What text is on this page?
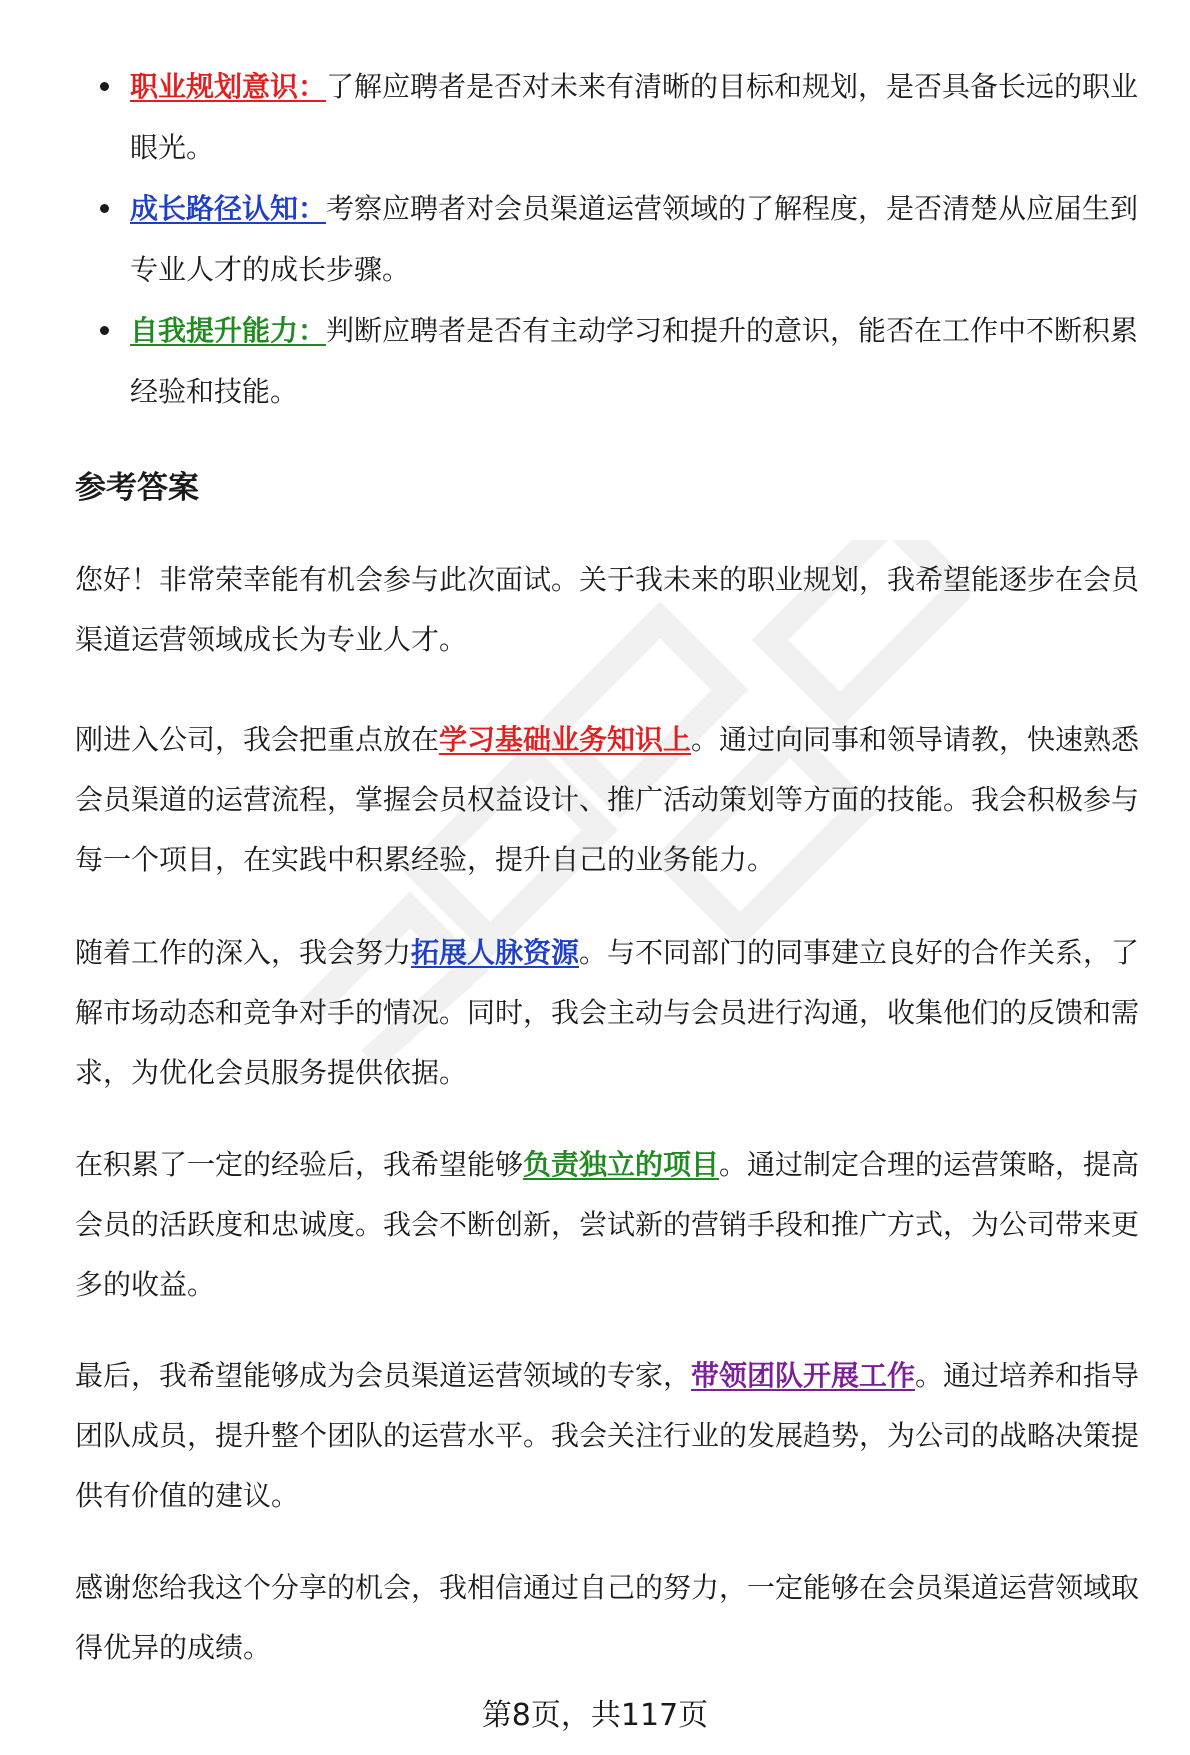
职业规划意识：了解应聘者是否对未来有清晰的目标和规划，是否具备长远的职业眼光。
成长路径认知：考察应聘者对会员渠道运营领域的了解程度，是否清楚从应届生到专业人才的成长步骤。
自我提升能力：判断应聘者是否有主动学习和提升的意识，能否在工作中不断积累经验和技能。
参考答案

您好！非常荣幸能有机会参与此次面试。关于我未来的职业规划，我希望能逐步在会员渠道运营领域成长为专业人才。

刚进入公司，我会把重点放在学习基础业务知识上。通过向同事和领导请教，快速熟悉会员渠道的运营流程，掌握会员权益设计、推广活动策划等方面的技能。我会积极参与每一个项目，在实践中积累经验，提升自己的业务能力。

随着工作的深入，我会努力拓展人脉资源。与不同部门的同事建立良好的合作关系，了解市场动态和竞争对手的情况。同时，我会主动与会员进行沟通，收集他们的反馈和需求，为优化会员服务提供依据。

在积累了一定的经验后，我希望能够负责独立的项目。通过制定合理的运营策略，提高会员的活跃度和忠诚度。我会不断创新，尝试新的营销手段和推广方式，为公司带来更多的收益。

最后，我希望能够成为会员渠道运营领域的专家，带领团队开展工作。通过培养和指导团队成员，提升整个团队的运营水平。我会关注行业的发展趋势，为公司的战略决策提供有价值的建议。

感谢您给我这个分享的机会，我相信通过自己的努力，一定能够在会员渠道运营领域取得优异的成绩。

第8页，共117页
